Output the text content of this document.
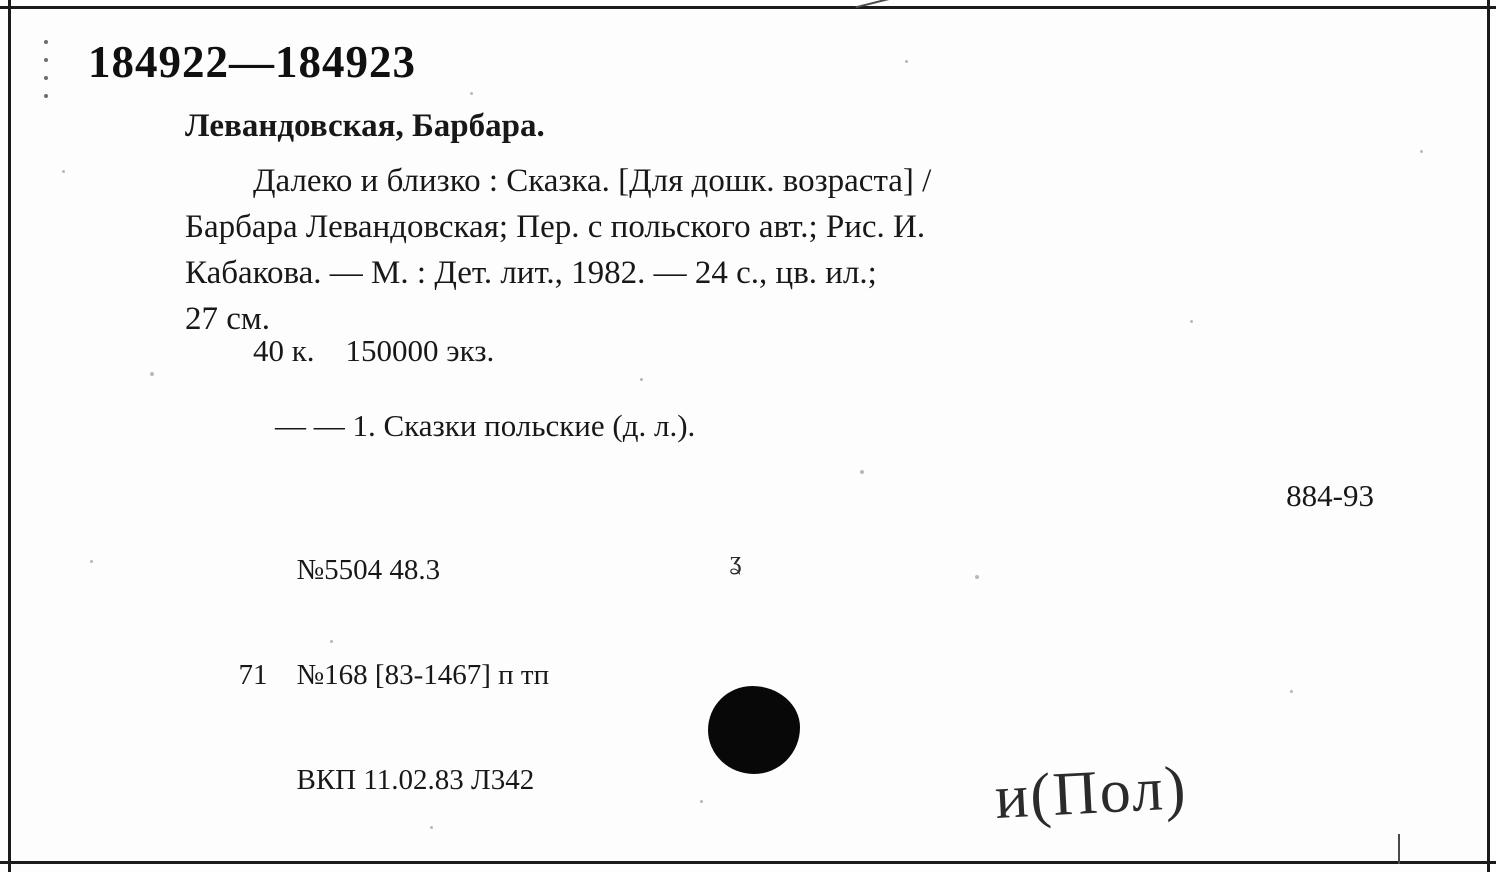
184922—184923
Левандовская, Барбара.
Далеко и близко : Сказка. [Для дошк. возраста] /
Барбара Левандовская; Пер. с польского авт.; Рис. И.
Кабакова. — М. : Дет. лит., 1982. — 24 с., цв. ил.;
27 см.
40 к.    150000 экз.
— — 1. Сказки польские (д. л.).
884-93

№5504 48.3

71 №168 [83-1467] п тп

ВКП 11.02.83 Л342

ʓ
и(Пол)
